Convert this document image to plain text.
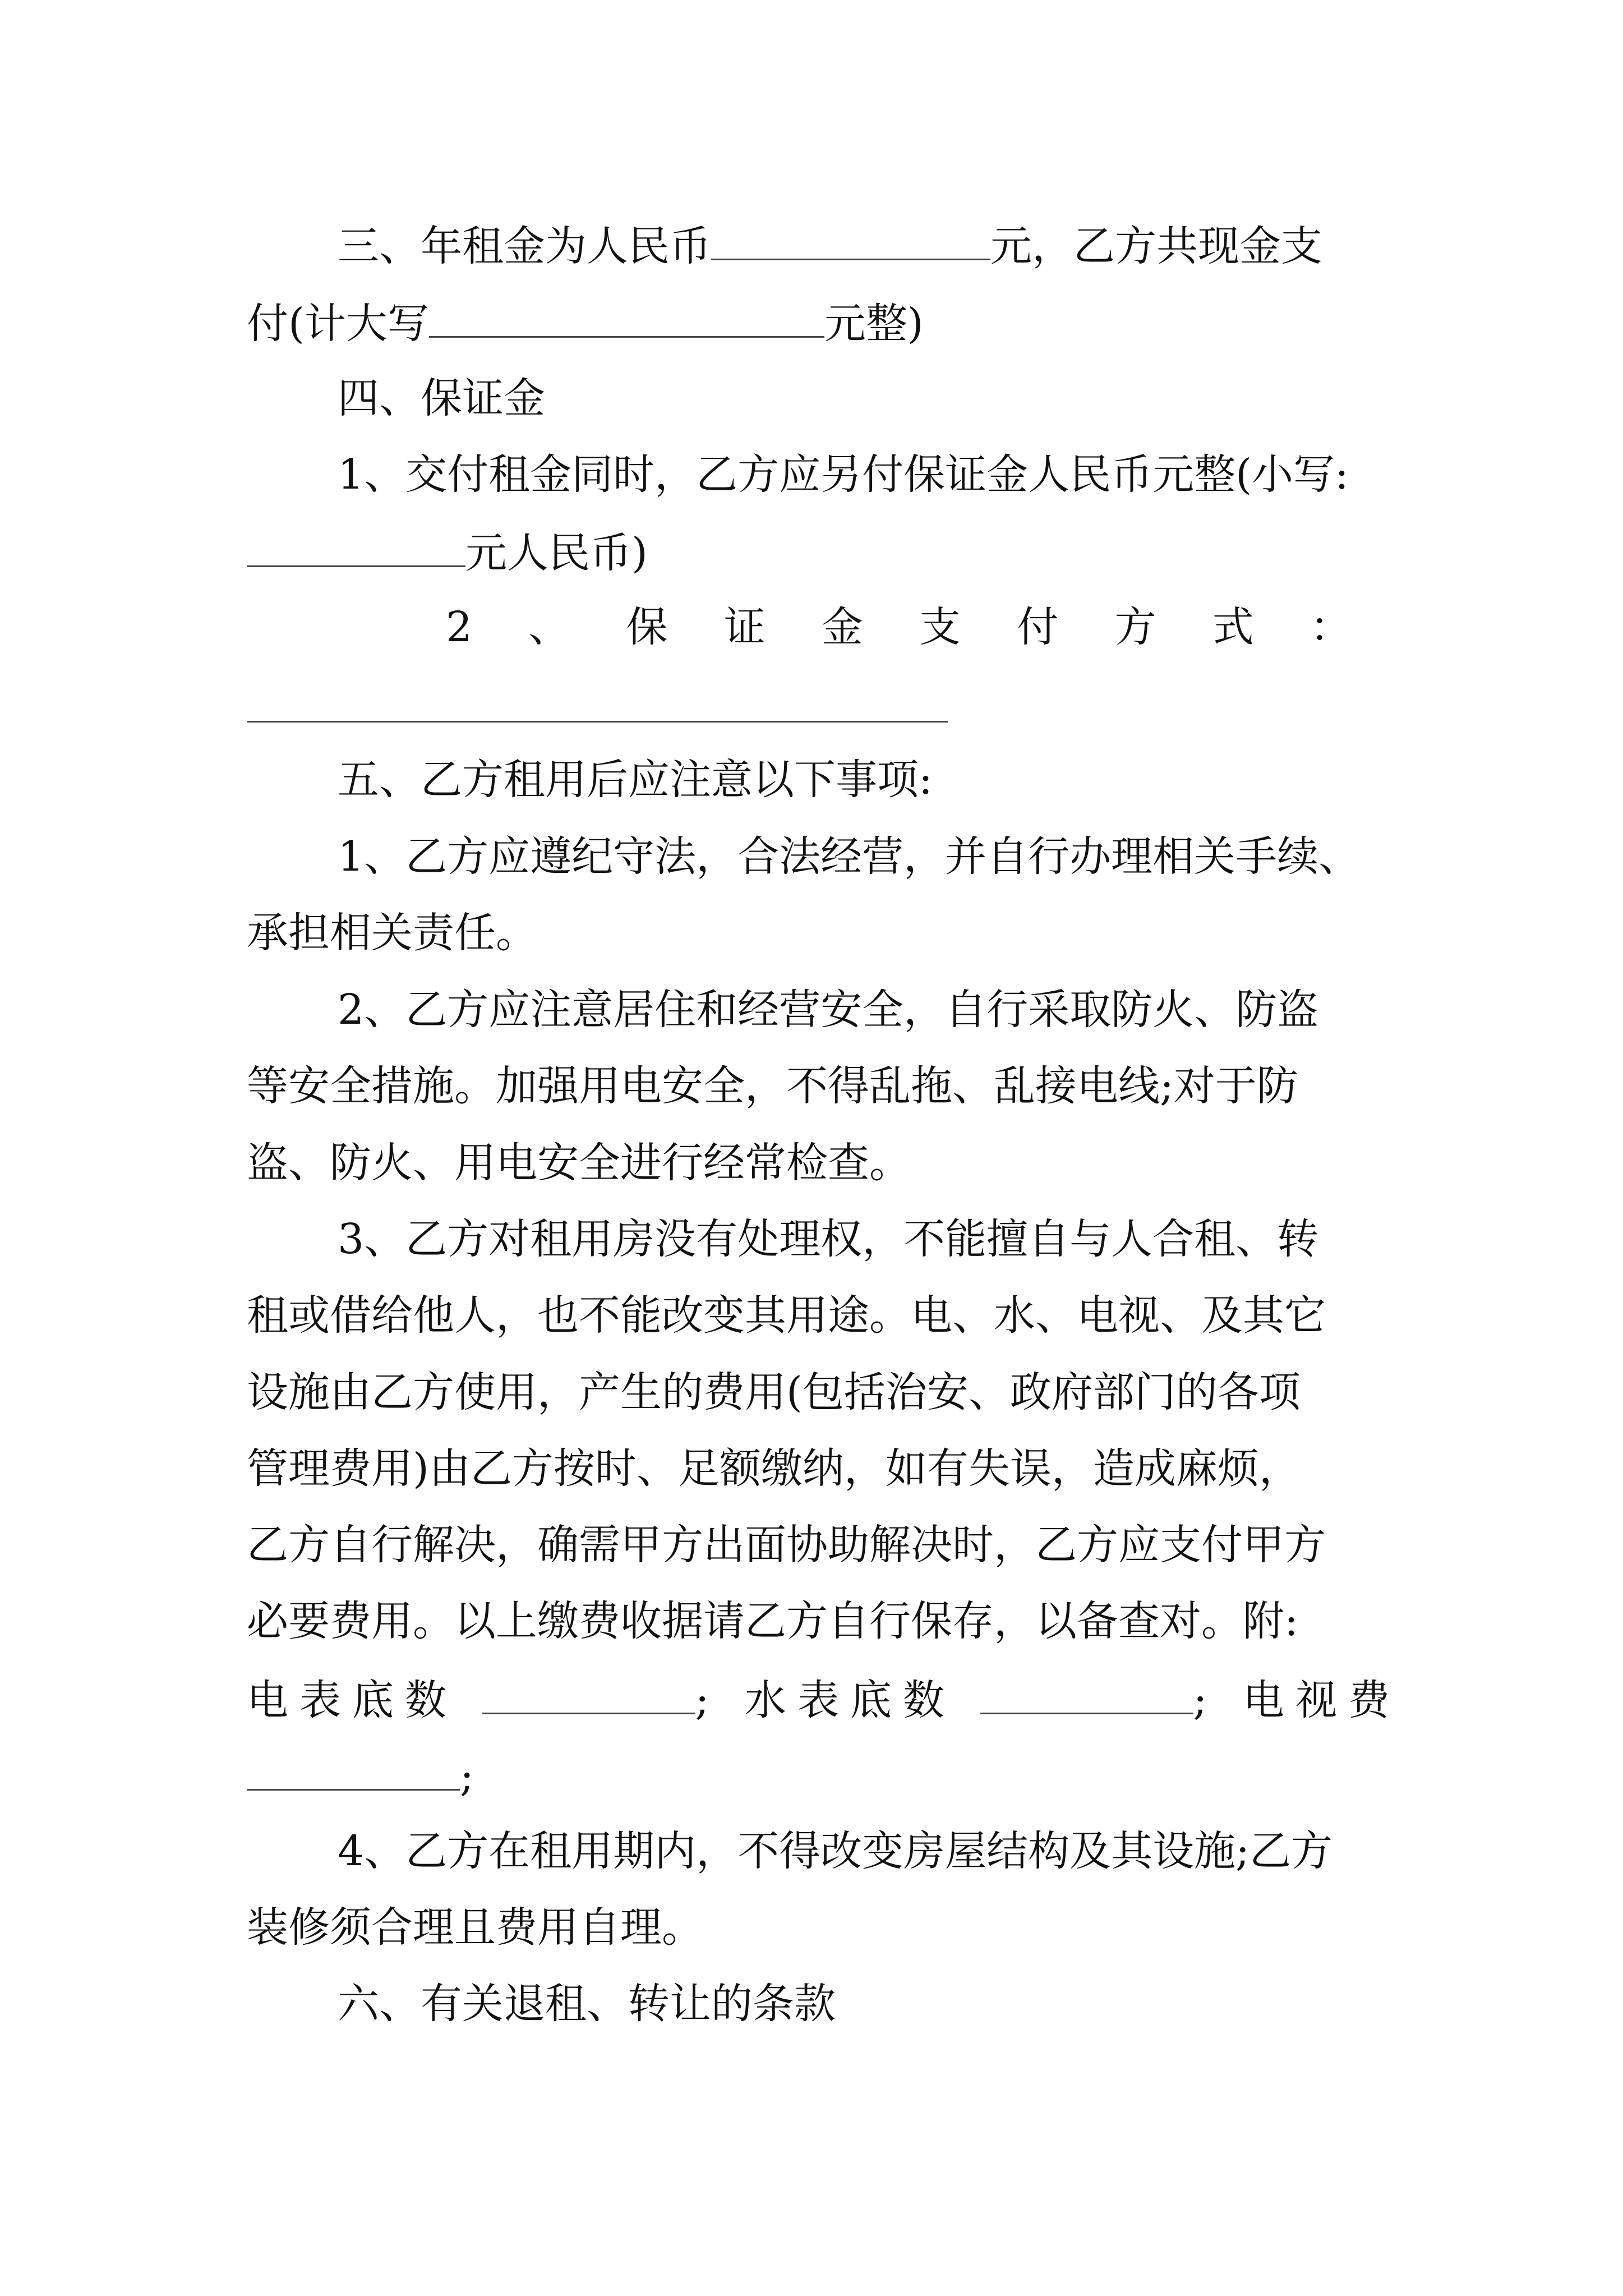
三、年租金为人民币	元，乙方共现金支

付(计大写	元整)

四、保证金

1、交付租金同时，乙方应另付保证金人民币元整(小写:

元人民币)

2 、 保 证 金 支 付 方 式 ：

五、乙方租用后应注意以下事项:

1、乙方应遵纪守法，合法经营，并自行办理相关手续、

承担相关责任。

2、乙方应注意居住和经营安全，自行采取防火、防盗

等安全措施。加强用电安全，不得乱拖、乱接电线;对于防

盗、防火、用电安全进行经常检查。

3、乙方对租用房没有处理权，不能擅自与人合租、转

租或借给他人，也不能改变其用途。电、水、电视、及其它

设施由乙方使用，产生的费用(包括治安、政府部门的各项

管理费用)由乙方按时、足额缴纳，如有失误，造成麻烦，

乙方自行解决，确需甲方出面协助解决时，乙方应支付甲方

必要费用。以上缴费收据请乙方自行保存，以备查对。附:

电表底数	; 水表底数	; 电视费

;

4、乙方在租用期内，不得改变房屋结构及其设施;乙方

装修须合理且费用自理。

六、有关退租、转让的条款
